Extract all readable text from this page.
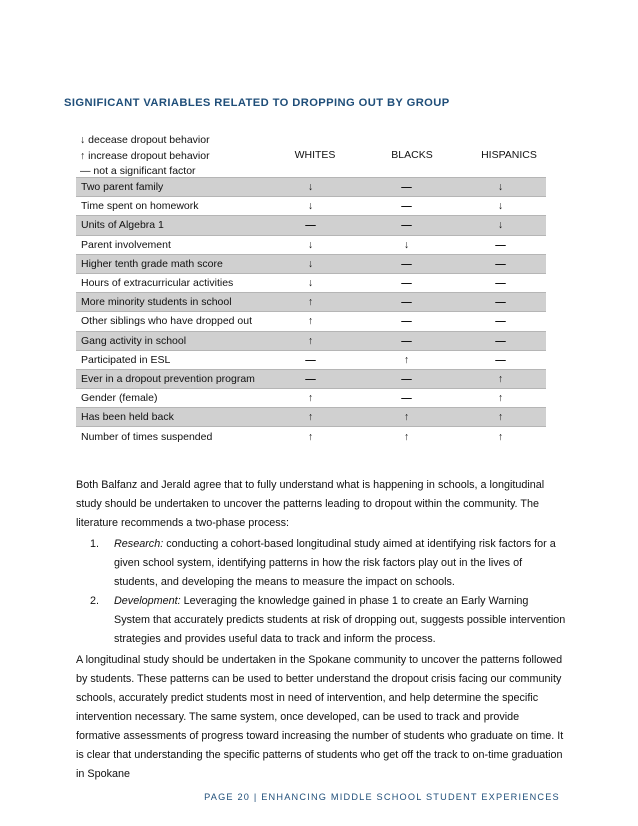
SIGNIFICANT VARIABLES RELATED TO DROPPING OUT BY GROUP
↓ decease dropout behavior
↑ increase dropout behavior
— not a significant factor
WHITES	BLACKS	HISPANICS
Two parent family	↓	—	↓
Time spent on homework	↓	—	↓
Units of Algebra 1	—	—	↓
Parent involvement	↓	↓	—
Higher tenth grade math score	↓	—	—
Hours of extracurricular activities	↓	—	—
More minority students in school	↑	—	—
Other siblings who have dropped out	↑	—	—
Gang activity in school	↑	—	—
Participated in ESL	—	↑	—
Ever in a dropout prevention program	—	—	↑
Gender (female)	↑	—	↑
Has been held back	↑	↑	↑
Number of times suspended	↑	↑	↑
Both Balfanz and Jerald agree that to fully understand what is happening in schools, a longitudinal study should be undertaken to uncover the patterns leading to dropout within the community. The literature recommends a two-phase process:
1. Research: conducting a cohort-based longitudinal study aimed at identifying risk factors for a given school system, identifying patterns in how the risk factors play out in the lives of students, and developing the means to measure the impact on schools.
2. Development: Leveraging the knowledge gained in phase 1 to create an Early Warning System that accurately predicts students at risk of dropping out, suggests possible intervention strategies and provides useful data to track and inform the process.
A longitudinal study should be undertaken in the Spokane community to uncover the patterns followed by students. These patterns can be used to better understand the dropout crisis facing our community schools, accurately predict students most in need of intervention, and help determine the specific intervention necessary. The same system, once developed, can be used to track and provide formative assessments of progress toward increasing the number of students who graduate on time. It is clear that understanding the specific patterns of students who get off the track to on-time graduation in Spokane
PAGE 20 | ENHANCING MIDDLE SCHOOL STUDENT EXPERIENCES
